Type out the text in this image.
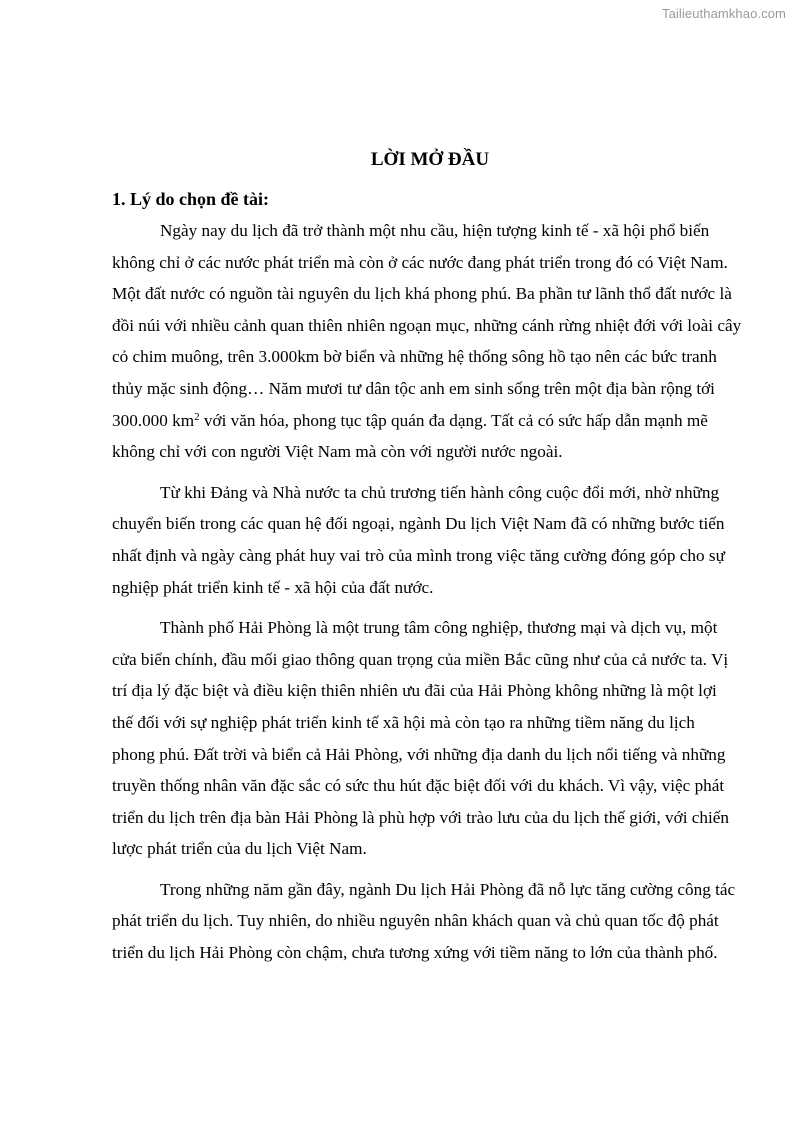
Tailieuthamkhao.com
LỜI MỞ ĐẦU
1. Lý do chọn đề tài:

Ngày nay du lịch đã trở thành một nhu cầu, hiện tượng kinh tế - xã hội phổ biến không chỉ ở các nước phát triển mà còn ở các nước đang phát triển trong đó có Việt Nam. Một đất nước có nguồn tài nguyên du lịch khá phong phú. Ba phần tư lãnh thổ đất nước là đồi núi với nhiều cảnh quan thiên nhiên ngoạn mục, những cánh rừng nhiệt đới với loài cây cỏ chim muông, trên 3.000km bờ biển và những hệ thống sông hồ tạo nên các bức tranh thủy mặc sinh động… Năm mươi tư dân tộc anh em sinh sống trên một địa bàn rộng tới 300.000 $km^2$ với văn hóa, phong tục tập quán đa dạng. Tất cả có sức hấp dẫn mạnh mẽ không chỉ với con người Việt Nam mà còn với người nước ngoài.

Từ khi Đảng và Nhà nước ta chủ trương tiến hành công cuộc đổi mới, nhờ những chuyển biến trong các quan hệ đối ngoại, ngành Du lịch Việt Nam đã có những bước tiến nhất định và ngày càng phát huy vai trò của mình trong việc tăng cường đóng góp cho sự nghiệp phát triển kinh tế - xã hội của đất nước.

Thành phố Hải Phòng là một trung tâm công nghiệp, thương mại và dịch vụ, một cửa biển chính, đầu mối giao thông quan trọng của miền Bắc cũng như của cả nước ta. Vị trí địa lý đặc biệt và điều kiện thiên nhiên ưu đãi của Hải Phòng không những là một lợi thế đối với sự nghiệp phát triển kinh tế xã hội mà còn tạo ra những tiềm năng du lịch phong phú. Đất trời và biển cả Hải Phòng, với những địa danh du lịch nổi tiếng và những truyền thống nhân văn đặc sắc có sức thu hút đặc biệt đối với du khách. Vì vậy, việc phát triển du lịch trên địa bàn Hải Phòng là phù hợp với trào lưu của du lịch thế giới, với chiến lược phát triển của du lịch Việt Nam.

Trong những năm gần đây, ngành Du lịch Hải Phòng đã nỗ lực tăng cường công tác phát triển du lịch. Tuy nhiên, do nhiều nguyên nhân khách quan và chủ quan tốc độ phát triển du lịch Hải Phòng còn chậm, chưa tương xứng với tiềm năng to lớn của thành phố.
